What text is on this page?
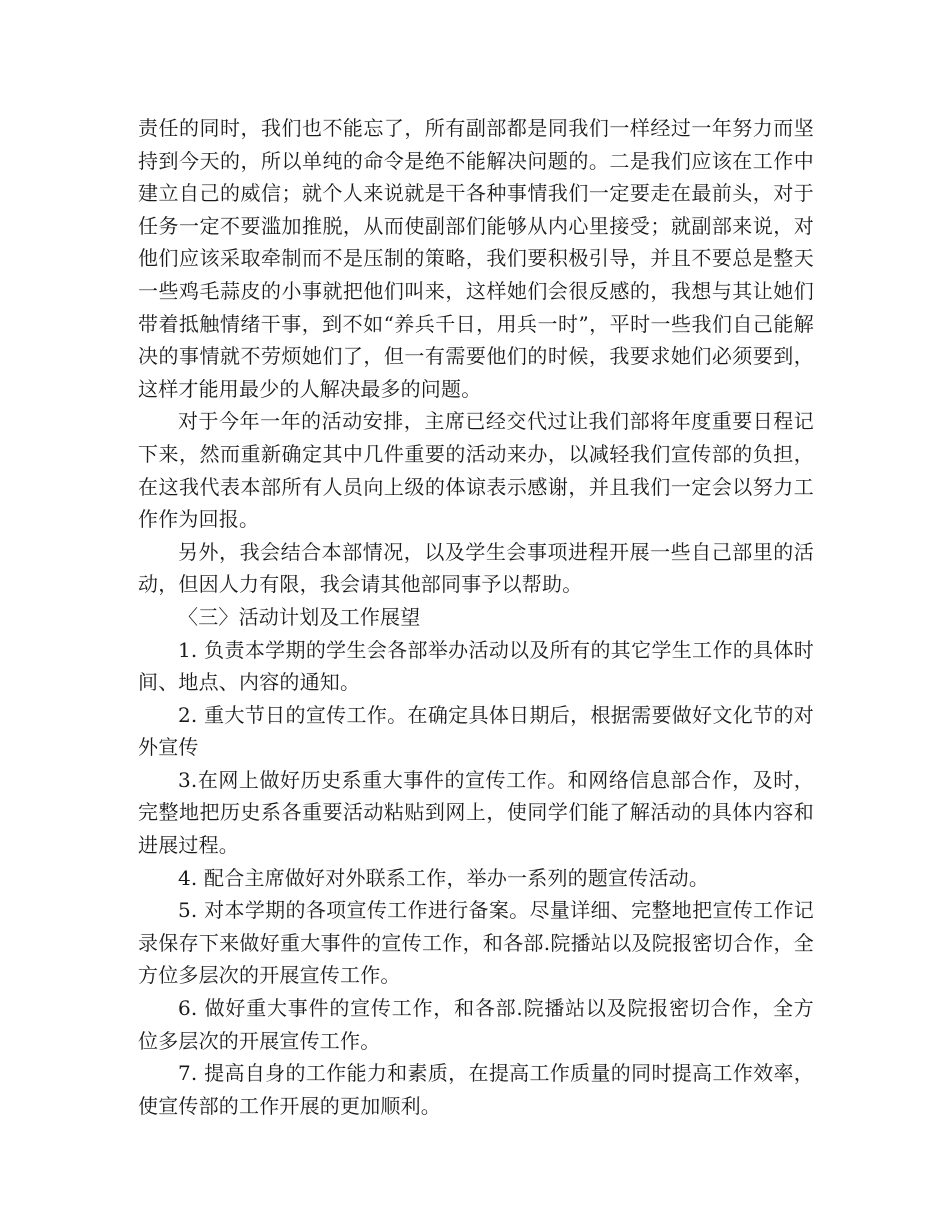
责任的同时，我们也不能忘了，所有副部都是同我们一样经过一年努力而坚持到今天的，所以单纯的命令是绝不能解决问题的。二是我们应该在工作中建立自己的威信；就个人来说就是干各种事情我们一定要走在最前头，对于任务一定不要滥加推脱，从而使副部们能够从内心里接受；就副部来说，对他们应该采取牵制而不是压制的策略，我们要积极引导，并且不要总是整天一些鸡毛蒜皮的小事就把他们叫来，这样她们会很反感的，我想与其让她们带着抵触情绪干事，到不如“养兵千日，用兵一时”，平时一些我们自己能解决的事情就不劳烦她们了，但一有需要他们的时候，我要求她们必须要到，这样才能用最少的人解决最多的问题。

对于今年一年的活动安排，主席已经交代过让我们部将年度重要日程记下来，然而重新确定其中几件重要的活动来办，以减轻我们宣传部的负担，在这我代表本部所有人员向上级的体谅表示感谢，并且我们一定会以努力工作作为回报。

另外，我会结合本部情况，以及学生会事项进程开展一些自己部里的活动，但因人力有限，我会请其他部同事予以帮助。

〈三〉活动计划及工作展望

1. 负责本学期的学生会各部举办活动以及所有的其它学生工作的具体时间、地点、内容的通知。

2. 重大节日的宣传工作。在确定具体日期后，根据需要做好文化节的对外宣传

3.在网上做好历史系重大事件的宣传工作。和网络信息部合作，及时，完整地把历史系各重要活动粘贴到网上，使同学们能了解活动的具体内容和进展过程。

4. 配合主席做好对外联系工作，举办一系列的题宣传活动。

5. 对本学期的各项宣传工作进行备案。尽量详细、完整地把宣传工作记录保存下来做好重大事件的宣传工作，和各部.院播站以及院报密切合作，全方位多层次的开展宣传工作。

6. 做好重大事件的宣传工作，和各部.院播站以及院报密切合作，全方位多层次的开展宣传工作。

7. 提高自身的工作能力和素质，在提高工作质量的同时提高工作效率，使宣传部的工作开展的更加顺利。
